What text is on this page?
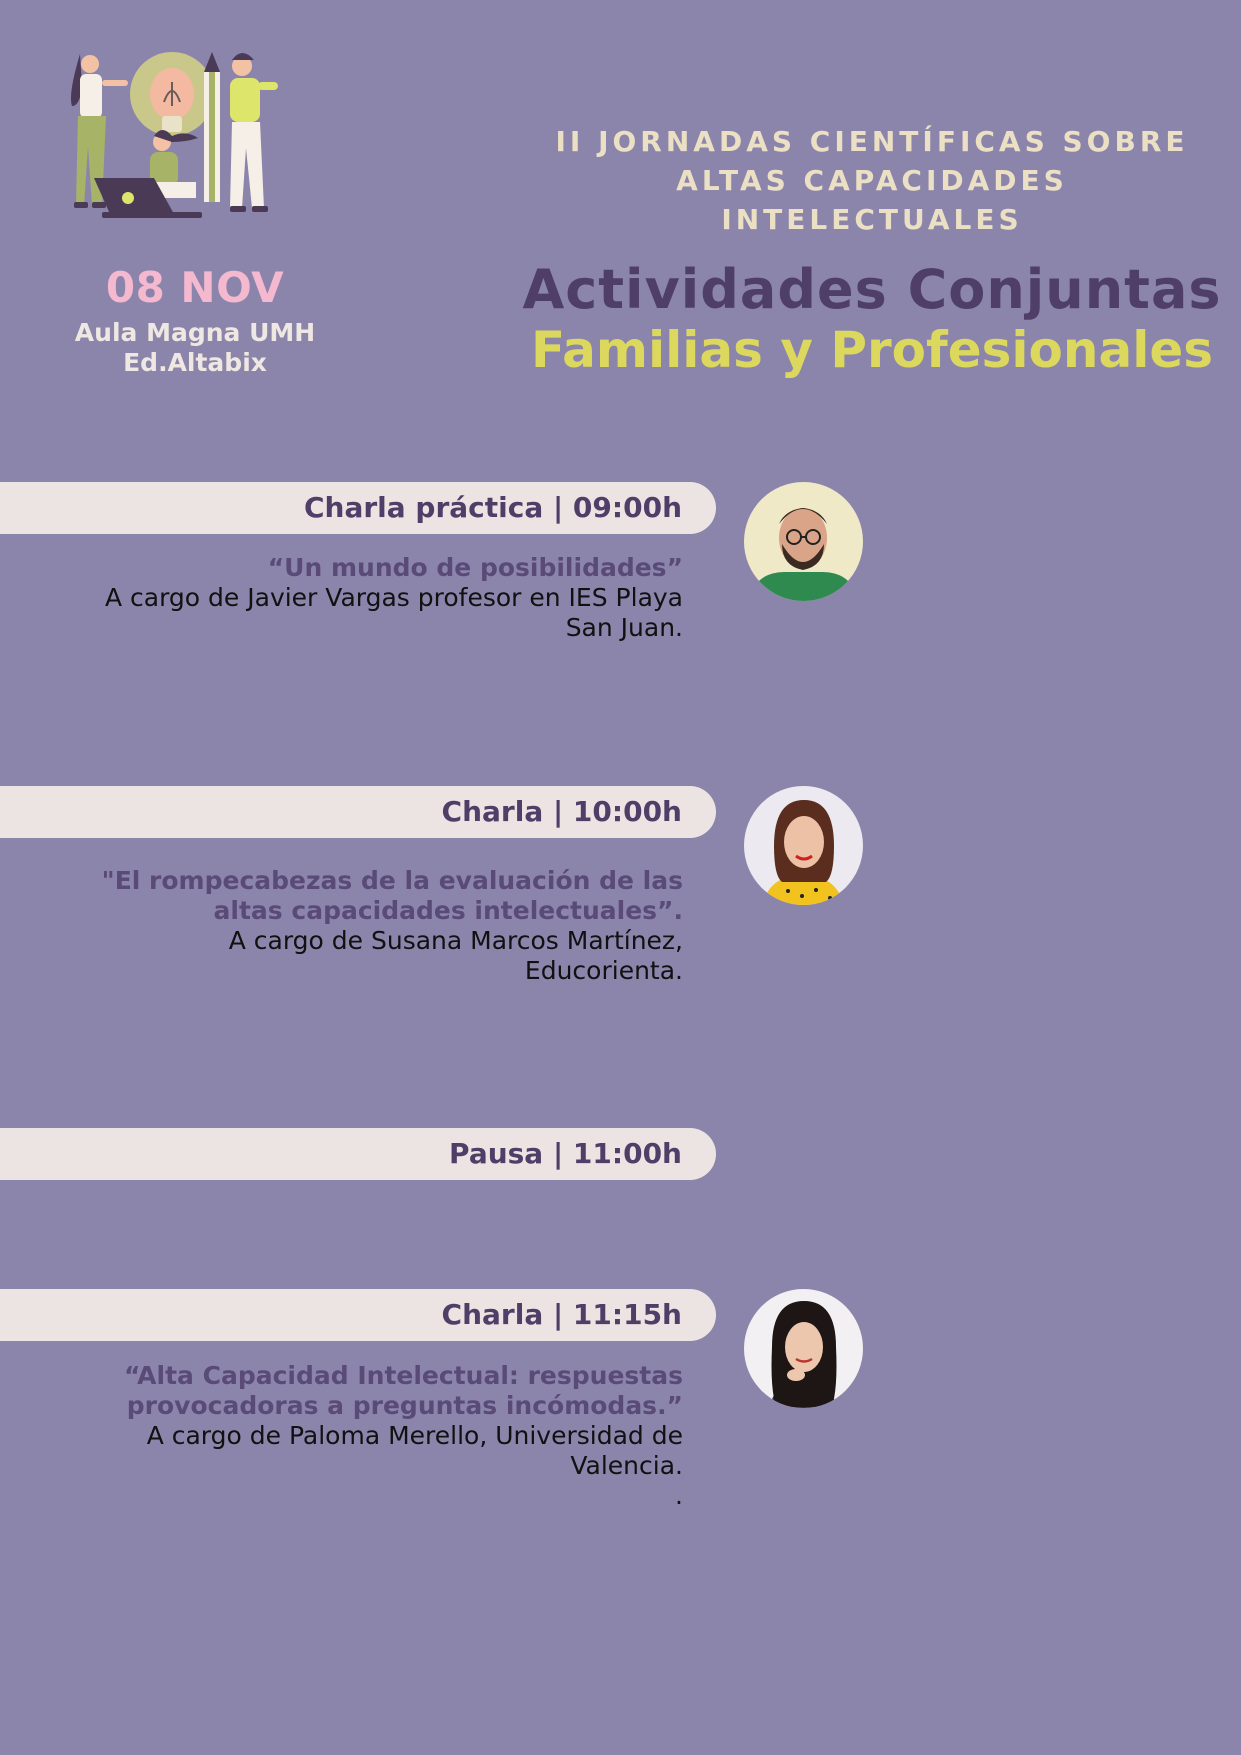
08 NOV
Aula Magna UMH
Ed.Altabix
II JORNADAS CIENTÍFICAS SOBRE
ALTAS CAPACIDADES
INTELECTUALES
Actividades Conjuntas
Familias y Profesionales
Charla práctica | 09:00h
“Un mundo de posibilidades”
A cargo de Javier Vargas profesor en IES Playa
San Juan.
Charla | 10:00h
"El rompecabezas de la evaluación de las
altas capacidades intelectuales”.
A cargo de Susana Marcos Martínez,
Educorienta.
Pausa | 11:00h
Charla | 11:15h
“Alta Capacidad Intelectual: respuestas
provocadoras a preguntas incómodas.”
A cargo de Paloma Merello, Universidad de
Valencia.
.
